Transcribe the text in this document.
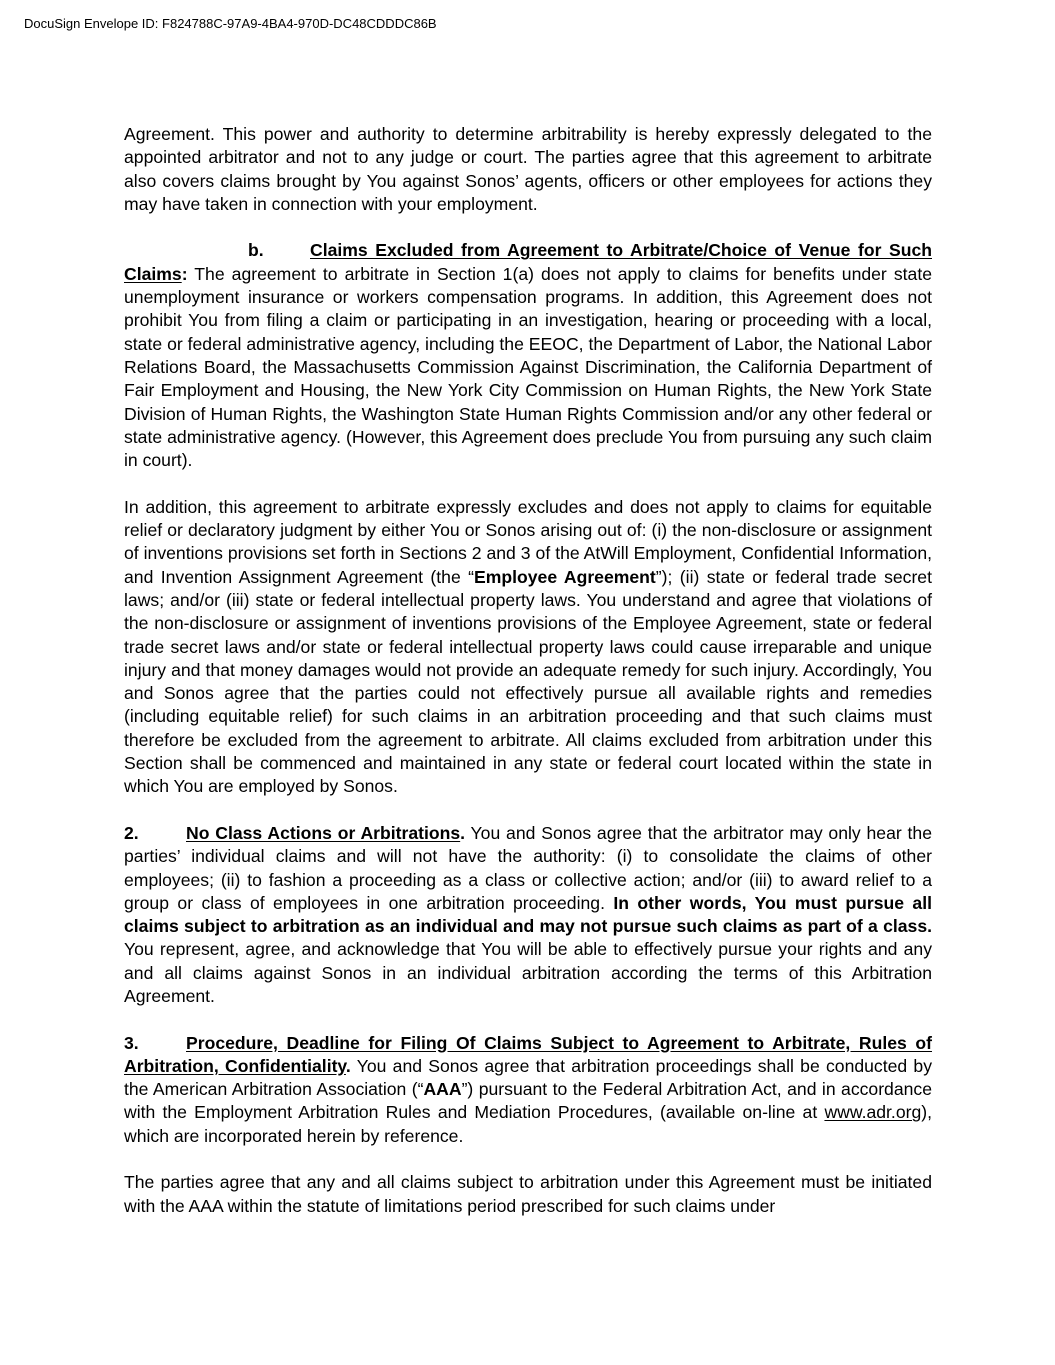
DocuSign Envelope ID: F824788C-97A9-4BA4-970D-DC48CDDDC86B

Agreement. This power and authority to determine arbitrability is hereby expressly delegated to the appointed arbitrator and not to any judge or court. The parties agree that this agreement to arbitrate also covers claims brought by You against Sonos’ agents, officers or other employees for actions they may have taken in connection with your employment.

b.	Claims Excluded from Agreement to Arbitrate/Choice of Venue for Such Claims: The agreement to arbitrate in Section 1(a) does not apply to claims for benefits under state unemployment insurance or workers compensation programs. In addition, this Agreement does not prohibit You from filing a claim or participating in an investigation, hearing or proceeding with a local, state or federal administrative agency, including the EEOC, the Department of Labor, the National Labor Relations Board, the Massachusetts Commission Against Discrimination, the California Department of Fair Employment and Housing, the New York City Commission on Human Rights, the New York State Division of Human Rights, the Washington State Human Rights Commission and/or any other federal or state administrative agency. (However, this Agreement does preclude You from pursuing any such claim in court).

In addition, this agreement to arbitrate expressly excludes and does not apply to claims for equitable relief or declaratory judgment by either You or Sonos arising out of: (i) the non-disclosure or assignment of inventions provisions set forth in Sections 2 and 3 of the AtWill Employment, Confidential Information, and Invention Assignment Agreement (the “Employee Agreement”); (ii) state or federal trade secret laws; and/or (iii) state or federal intellectual property laws. You understand and agree that violations of the non-disclosure or assignment of inventions provisions of the Employee Agreement, state or federal trade secret laws and/or state or federal intellectual property laws could cause irreparable and unique injury and that money damages would not provide an adequate remedy for such injury. Accordingly, You and Sonos agree that the parties could not effectively pursue all available rights and remedies (including equitable relief) for such claims in an arbitration proceeding and that such claims must therefore be excluded from the agreement to arbitrate. All claims excluded from arbitration under this Section shall be commenced and maintained in any state or federal court located within the state in which You are employed by Sonos.

2.	No Class Actions or Arbitrations. You and Sonos agree that the arbitrator may only hear the parties’ individual claims and will not have the authority: (i) to consolidate the claims of other employees; (ii) to fashion a proceeding as a class or collective action; and/or (iii) to award relief to a group or class of employees in one arbitration proceeding. In other words, You must pursue all claims subject to arbitration as an individual and may not pursue such claims as part of a class. You represent, agree, and acknowledge that You will be able to effectively pursue your rights and any and all claims against Sonos in an individual arbitration according the terms of this Arbitration Agreement.

3.	Procedure, Deadline for Filing Of Claims Subject to Agreement to Arbitrate, Rules of Arbitration, Confidentiality. You and Sonos agree that arbitration proceedings shall be conducted by the American Arbitration Association (“AAA”) pursuant to the Federal Arbitration Act, and in accordance with the Employment Arbitration Rules and Mediation Procedures, (available on-line at www.adr.org), which are incorporated herein by reference.

The parties agree that any and all claims subject to arbitration under this Agreement must be initiated with the AAA within the statute of limitations period prescribed for such claims under
